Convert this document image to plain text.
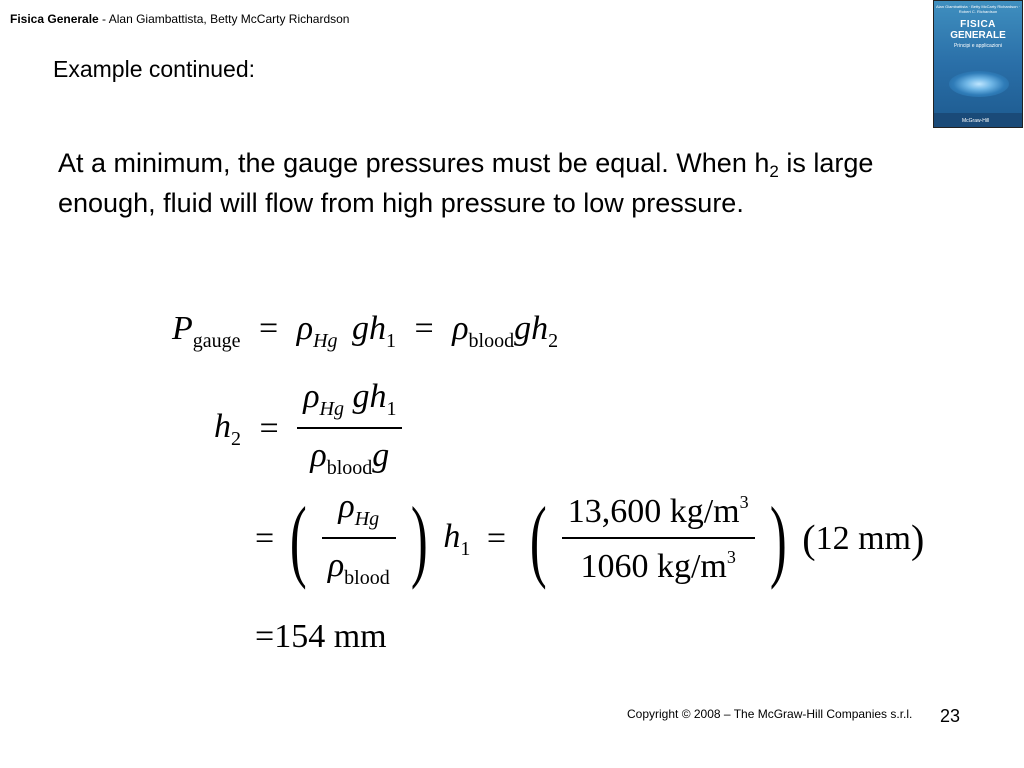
Fisica Generale - Alan Giambattista, Betty McCarty Richardson
Example continued:
Alan Giambattista · Betty McCarty Richardson · Robert C. Richardson
FISICA
GENERALE
Principi e applicazioni
McGraw-Hill
At a minimum, the gauge pressures must be equal. When $h_2$ is large enough, fluid will flow from high pressure to low pressure.
$P_{gauge} = \rho_{Hg}$ $gh_1 = \rho_{blood}gh_2$
$h_2 = \frac{\rho_{Hg} gh_1}{\rho_{blood}g}$
= ( $\frac{\rho_{Hg}}{\rho_{blood}}$ ) $h_1$ = ( $\frac{13,600 kg/m^3}{1060 kg/m^3}$ ) (12 mm)
=154 mm
Copyright © 2008 – The McGraw-Hill Companies s.r.l. 23
